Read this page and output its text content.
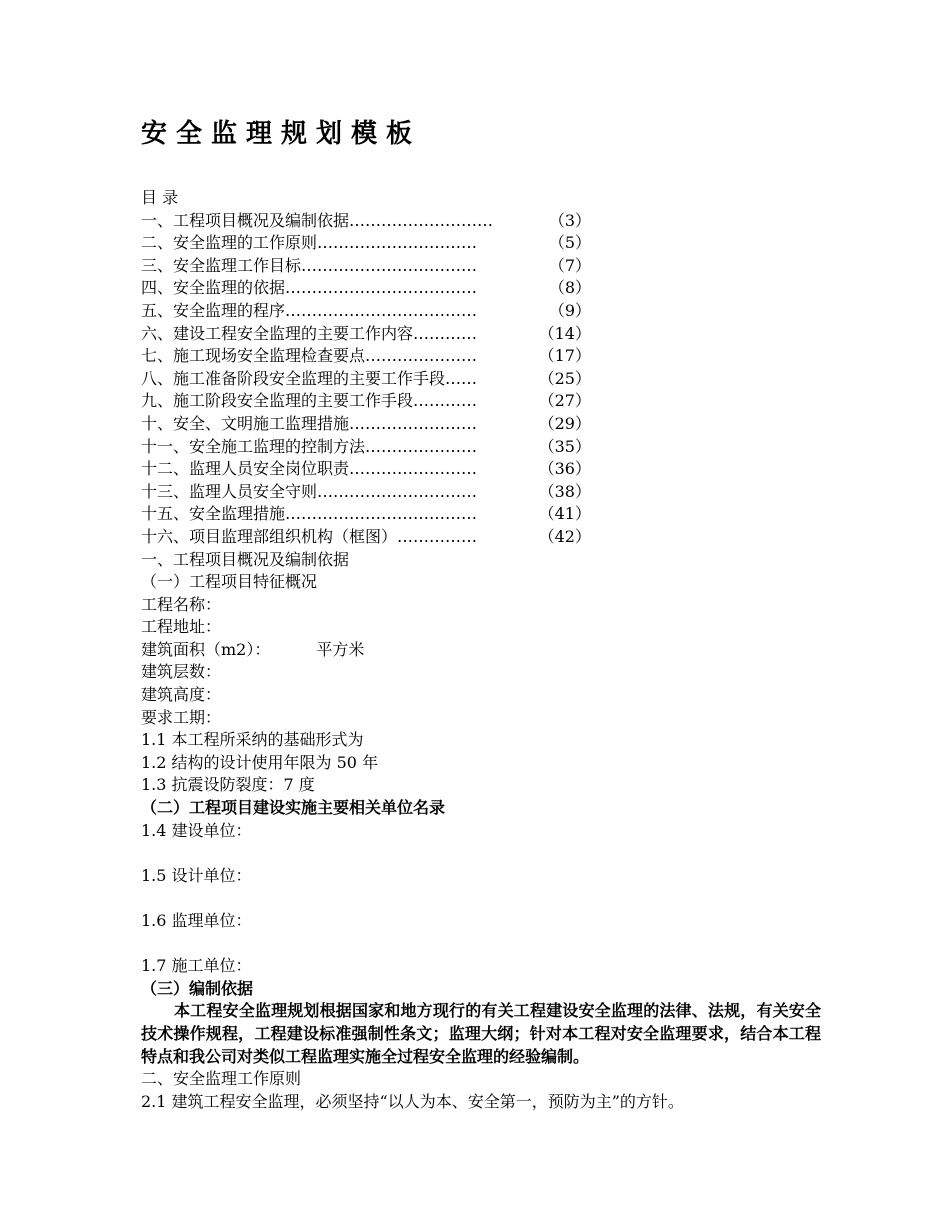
安全监理规划模板
目 录
一、工程项目概况及编制依据………………………	（3）
二、安全监理的工作原则…………………………	（5）
三、安全监理工作目标……………………………	（7）
四、安全监理的依据………………………………	（8）
五、安全监理的程序………………………………	（9）
六、建设工程安全监理的主要工作内容…………	（14）
七、施工现场安全监理检查要点…………………	（17）
八、施工准备阶段安全监理的主要工作手段……	（25）
九、施工阶段安全监理的主要工作手段…………	（27）
十、安全、文明施工监理措施……………………	（29）
十一、安全施工监理的控制方法…………………	（35）
十二、监理人员安全岗位职责……………………	（36）
十三、监理人员安全守则…………………………	（38）
十五、安全监理措施………………………………	（41）
十六、项目监理部组织机构（框图）……………	（42）
一、工程项目概况及编制依据
（一）工程项目特征概况
工程名称：
工程地址：
建筑面积（m2）：	平方米
建筑层数：
建筑高度：
要求工期：
1.1 本工程所采纳的基础形式为
1.2 结构的设计使用年限为 50 年
1.3 抗震设防裂度：7 度
（二）工程项目建设实施主要相关单位名录
1.4 建设单位：
1.5 设计单位：
1.6 监理单位：
1.7 施工单位：
（三）编制依据
本工程安全监理规划根据国家和地方现行的有关工程建设安全监理的法律、法规，有关安全技术操作规程，工程建设标准强制性条文；监理大纲；针对本工程对安全监理要求，结合本工程特点和我公司对类似工程监理实施全过程安全监理的经验编制。
二、安全监理工作原则
2.1 建筑工程安全监理，必须坚持“以人为本、安全第一，预防为主”的方针。
